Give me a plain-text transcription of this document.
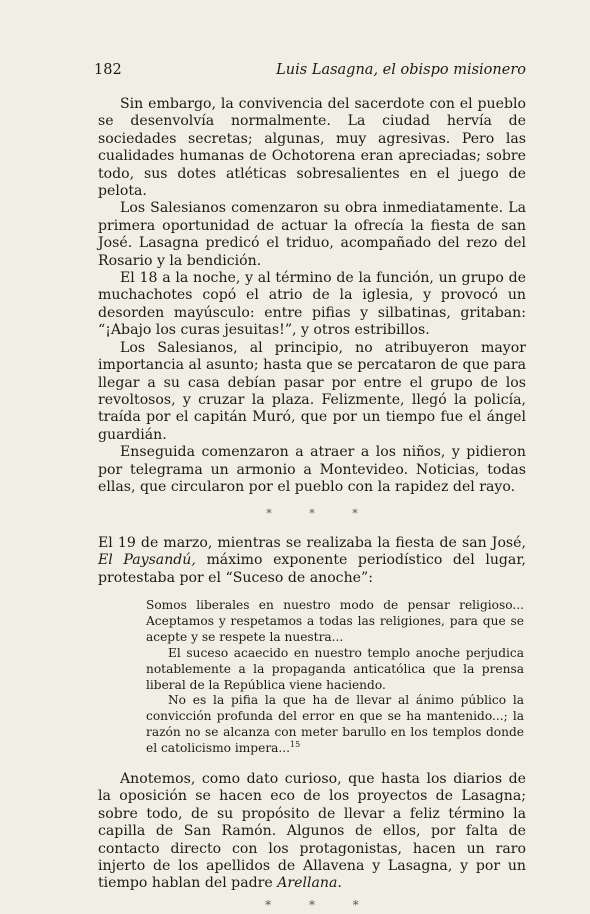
182	Luis Lasagna, el obispo misionero

Sin embargo, la convivencia del sacerdote con el pueblo se desenvolvía normalmente. La ciudad hervía de sociedades secretas; algunas, muy agresivas. Pero las cualidades humanas de Ochotorena eran apreciadas; sobre todo, sus dotes atléticas sobresalientes en el juego de pelota.

Los Salesianos comenzaron su obra inmediatamente. La primera oportunidad de actuar la ofrecía la fiesta de san José. Lasagna predicó el triduo, acompañado del rezo del Rosario y la bendición.

El 18 a la noche, y al término de la función, un grupo de muchachotes copó el atrio de la iglesia, y provocó un desorden mayúsculo: entre pifias y silbatinas, gritaban: “¡Abajo los curas jesuitas!”, y otros estribillos.

Los Salesianos, al principio, no atribuyeron mayor importancia al asunto; hasta que se percataron de que para llegar a su casa debían pasar por entre el grupo de los revoltosos, y cruzar la plaza. Felizmente, llegó la policía, traída por el capitán Muró, que por un tiempo fue el ángel guardián.

Enseguida comenzaron a atraer a los niños, y pidieron por telegrama un armonio a Montevideo. Noticias, todas ellas, que circularon por el pueblo con la rapidez del rayo.

* * *

El 19 de marzo, mientras se realizaba la fiesta de san José, El Paysandú, máximo exponente periodístico del lugar, protestaba por el “Suceso de anoche”:

Somos liberales en nuestro modo de pensar religioso... Aceptamos y respetamos a todas las religiones, para que se acepte y se respete la nuestra...

El suceso acaecido en nuestro templo anoche perjudica notablemente a la propaganda anticatólica que la prensa liberal de la República viene haciendo.

No es la pifia la que ha de llevar al ánimo público la convicción profunda del error en que se ha mantenido...; la razón no se alcanza con meter barullo en los templos donde el catolicismo impera...$^{15}$

Anotemos, como dato curioso, que hasta los diarios de la oposición se hacen eco de los proyectos de Lasagna; sobre todo, de su propósito de llevar a feliz término la capilla de San Ramón. Algunos de ellos, por falta de contacto directo con los protagonistas, hacen un raro injerto de los apellidos de Allavena y Lasagna, y por un tiempo hablan del padre Arellana.

* * *
